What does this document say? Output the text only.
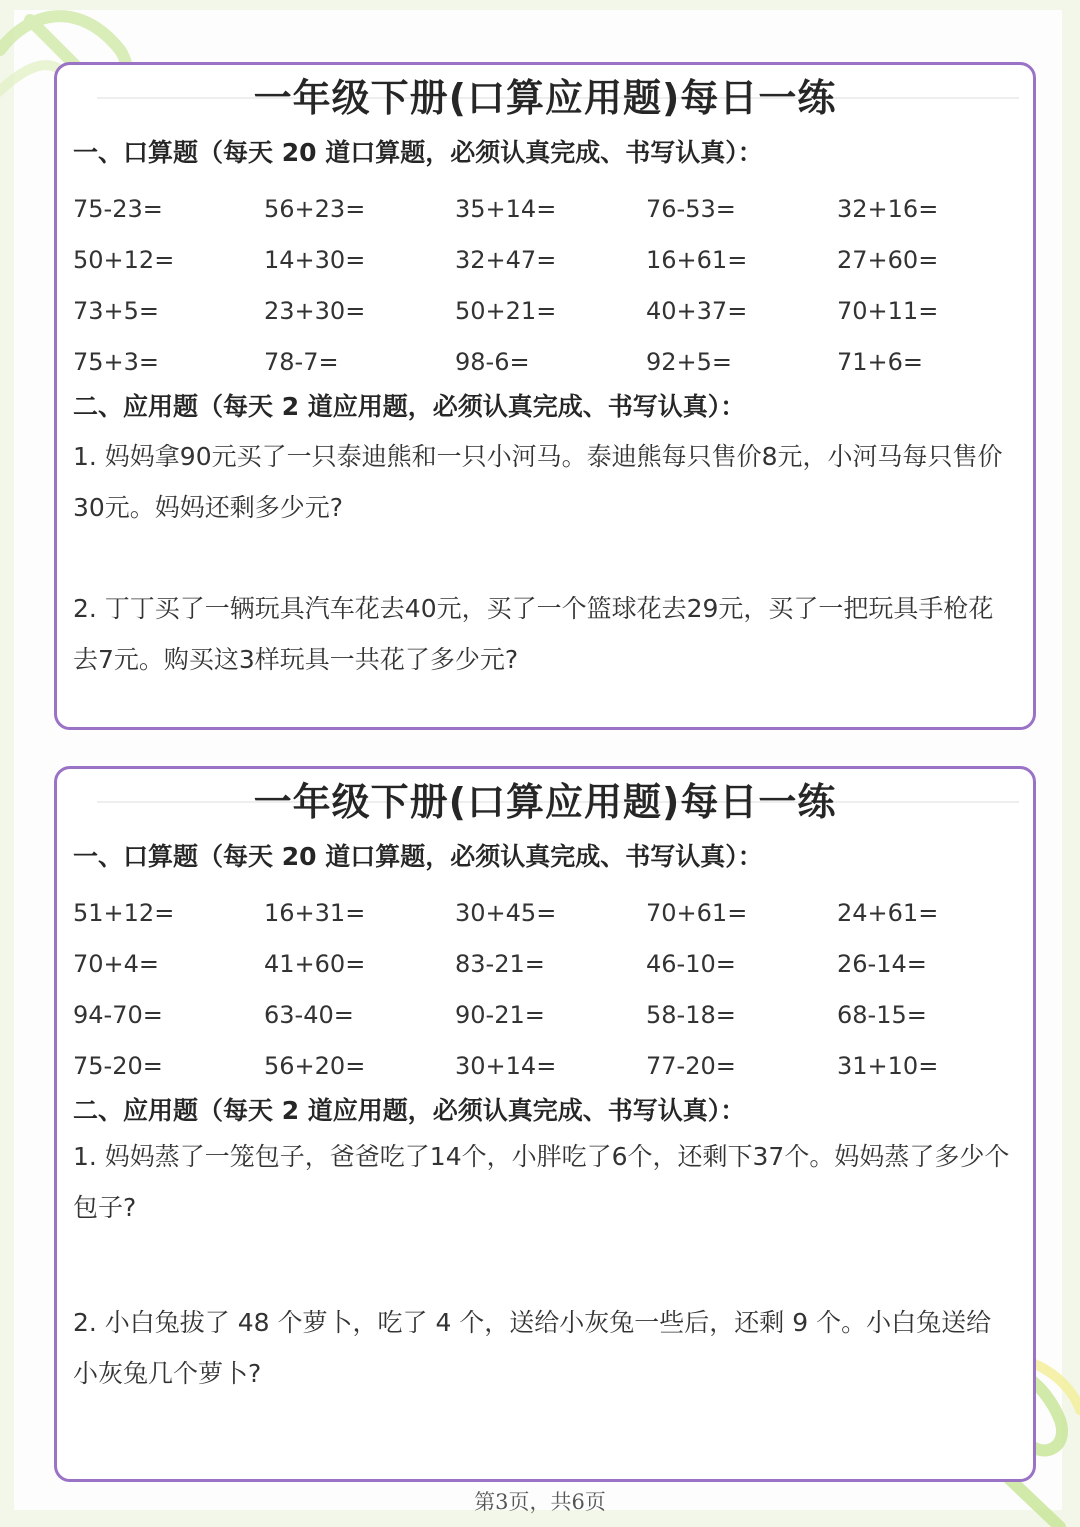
一年级下册(口算应用题)每日一练
一、口算题（每天 20 道口算题，必须认真完成、书写认真）：
75-23=	56+23=	35+14=	76-53=	32+16=
50+12=	14+30=	32+47=	16+61=	27+60=
73+5=	23+30=	50+21=	40+37=	70+11=
75+3=	78-7=	98-6=	92+5=	71+6=
二、应用题（每天 2 道应用题，必须认真完成、书写认真）：
1. 妈妈拿90元买了一只泰迪熊和一只小河马。泰迪熊每只售价8元，小河马每只售价30元。妈妈还剩多少元?
2. 丁丁买了一辆玩具汽车花去40元，买了一个篮球花去29元，买了一把玩具手枪花去7元。购买这3样玩具一共花了多少元?
一年级下册(口算应用题)每日一练
一、口算题（每天 20 道口算题，必须认真完成、书写认真）：
51+12=	16+31=	30+45=	70+61=	24+61=
70+4=	41+60=	83-21=	46-10=	26-14=
94-70=	63-40=	90-21=	58-18=	68-15=
75-20=	56+20=	30+14=	77-20=	31+10=
二、应用题（每天 2 道应用题，必须认真完成、书写认真）：
1. 妈妈蒸了一笼包子，爸爸吃了14个，小胖吃了6个，还剩下37个。妈妈蒸了多少个包子?
2. 小白兔拔了 48 个萝卜，吃了 4 个，送给小灰兔一些后，还剩 9 个。小白兔送给小灰兔几个萝卜?
第3页，共6页
